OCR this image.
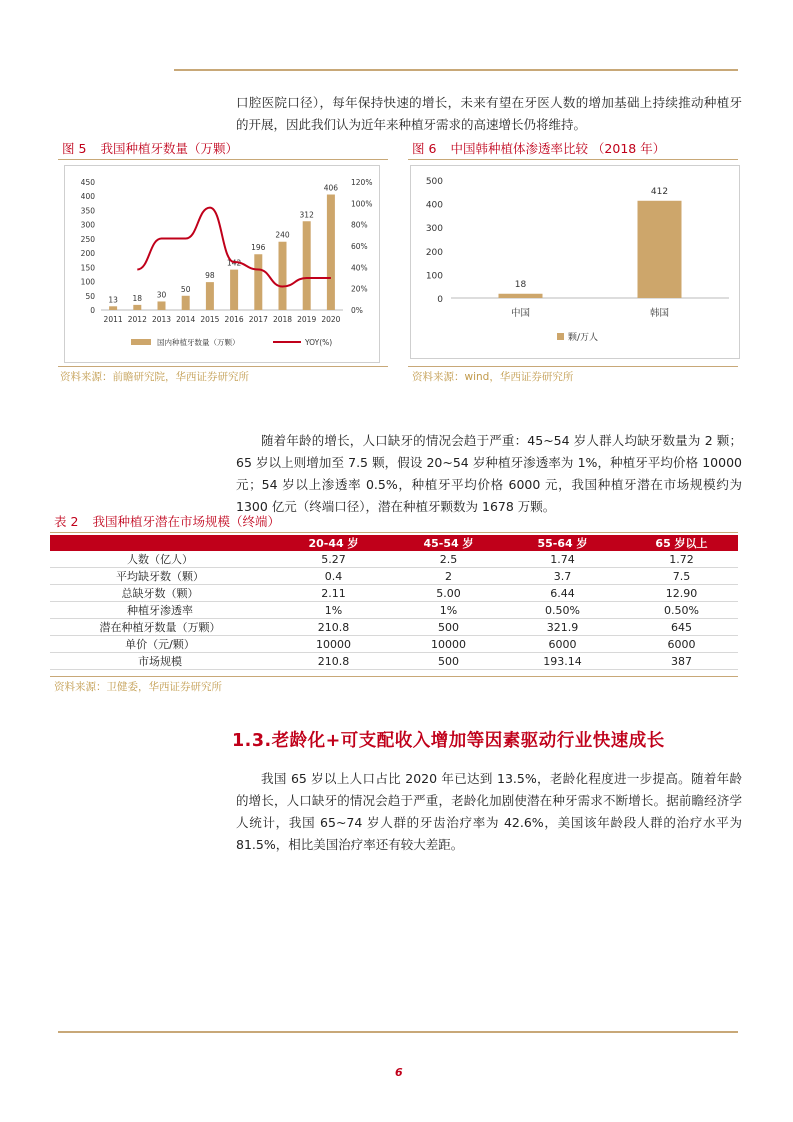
口腔医院口径），每年保持快速的增长，未来有望在牙医人数的增加基础上持续推动种植牙的开展，因此我们认为近年来种植牙需求的高速增长仍将维持。

图 5 我国种植牙数量（万颗）
0
50
100
150
200
250
300
350
400
450
0%
20%
40%
60%
80%
100%
120%
13
2011
18
2012
30
2013
50
2014
98
2015
142
2016
196
2017
240
2018
312
2019
406
2020
国内种植牙数量（万颗）	YOY(%)
资料来源：前瞻研究院，华西证券研究所
图 6 中国韩种植体渗透率比较 （2018 年）
0
100
200
300
400
500
18
中国
412
韩国
颗/万人
资料来源：wind，华西证券研究所

随着年龄的增长，人口缺牙的情况会趋于严重：45~54 岁人群人均缺牙数量为 2 颗；65 岁以上则增加至 7.5 颗，假设 20~54 岁种植牙渗透率为 1%，种植牙平均价格 10000 元；54 岁以上渗透率 0.5%，种植牙平均价格 6000 元，我国种植牙潜在市场规模约为 1300 亿元（终端口径），潜在种植牙颗数为 1678 万颗。

表 2 我国种植牙潜在市场规模（终端）
	20-44 岁	45-54 岁	55-64 岁	65 岁以上
人数（亿人）	5.27	2.5	1.74	1.72
平均缺牙数（颗）	0.4	2	3.7	7.5
总缺牙数（颗）	2.11	5.00	6.44	12.90
种植牙渗透率	1%	1%	0.50%	0.50%
潜在种植牙数量（万颗）	210.8	500	321.9	645
单价（元/颗）	10000	10000	6000	6000
市场规模	210.8	500	193.14	387
资料来源：卫健委，华西证券研究所
1.3.老龄化+可支配收入增加等因素驱动行业快速成长

我国 65 岁以上人口占比 2020 年已达到 13.5%，老龄化程度进一步提高。随着年龄的增长，人口缺牙的情况会趋于严重，老龄化加剧使潜在种牙需求不断增长。据前瞻经济学人统计，我国 65~74 岁人群的牙齿治疗率为 42.6%，美国该年龄段人群的治疗水平为 81.5%，相比美国治疗率还有较大差距。

6
